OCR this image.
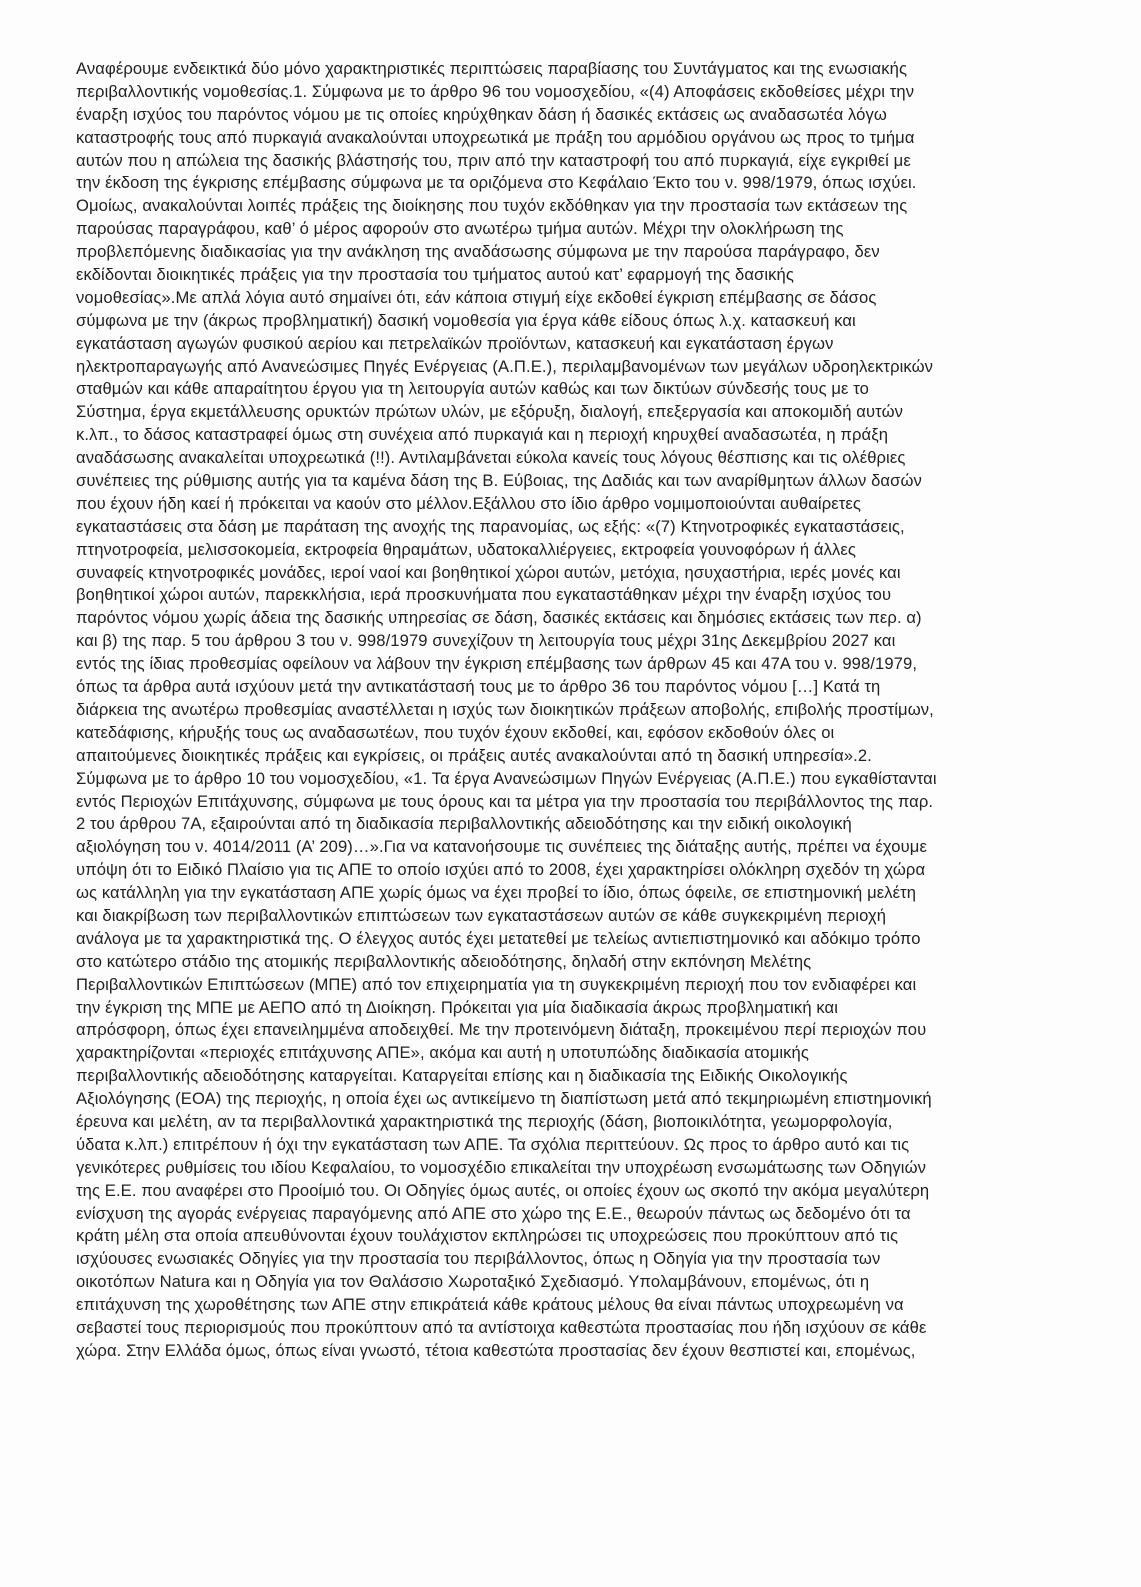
Αναφέρουμε ενδεικτικά δύο μόνο χαρακτηριστικές περιπτώσεις παραβίασης του Συντάγματος και της ενωσιακής
περιβαλλοντικής νομοθεσίας.1. Σύμφωνα με το άρθρο 96 του νομοσχεδίου, «(4) Αποφάσεις εκδοθείσες μέχρι την
έναρξη ισχύος του παρόντος νόμου με τις οποίες κηρύχθηκαν δάση ή δασικές εκτάσεις ως αναδασωτέα λόγω
καταστροφής τους από πυρκαγιά ανακαλούνται υποχρεωτικά με πράξη του αρμόδιου οργάνου ως προς το τμήμα
αυτών που η απώλεια της δασικής βλάστησής του, πριν από την καταστροφή του από πυρκαγιά, είχε εγκριθεί με
την έκδοση της έγκρισης επέμβασης σύμφωνα με τα οριζόμενα στο Κεφάλαιο Έκτο του ν. 998/1979, όπως ισχύει.
Ομοίως, ανακαλούνται λοιπές πράξεις της διοίκησης που τυχόν εκδόθηκαν για την προστασία των εκτάσεων της
παρούσας παραγράφου, καθ’ ό μέρος αφορούν στο ανωτέρω τμήμα αυτών. Μέχρι την ολοκλήρωση της
προβλεπόμενης διαδικασίας για την ανάκληση της αναδάσωσης σύμφωνα με την παρούσα παράγραφο, δεν
εκδίδονται διοικητικές πράξεις για την προστασία του τμήματος αυτού κατ’ εφαρμογή της δασικής
νομοθεσίας».Με απλά λόγια αυτό σημαίνει ότι, εάν κάποια στιγμή είχε εκδοθεί έγκριση επέμβασης σε δάσος
σύμφωνα με την (άκρως προβληματική) δασική νομοθεσία για έργα κάθε είδους όπως λ.χ. κατασκευή και
εγκατάσταση αγωγών φυσικού αερίου και πετρελαϊκών προϊόντων, κατασκευή και εγκατάσταση έργων
ηλεκτροπαραγωγής από Ανανεώσιμες Πηγές Ενέργειας (Α.Π.Ε.), περιλαμβανομένων των μεγάλων υδροηλεκτρικών
σταθμών και κάθε απαραίτητου έργου για τη λειτουργία αυτών καθώς και των δικτύων σύνδεσής τους με το
Σύστημα, έργα εκμετάλλευσης ορυκτών πρώτων υλών, με εξόρυξη, διαλογή, επεξεργασία και αποκομιδή αυτών
κ.λπ., το δάσος καταστραφεί όμως στη συνέχεια από πυρκαγιά και η περιοχή κηρυχθεί αναδασωτέα, η πράξη
αναδάσωσης ανακαλείται υποχρεωτικά (!!). Αντιλαμβάνεται εύκολα κανείς τους λόγους θέσπισης και τις ολέθριες
συνέπειες της ρύθμισης αυτής για τα καμένα δάση της Β. Εύβοιας, της Δαδιάς και των αναρίθμητων άλλων δασών
που έχουν ήδη καεί ή πρόκειται να καούν στο μέλλον.Εξάλλου στο ίδιο άρθρο νομιμοποιούνται αυθαίρετες
εγκαταστάσεις στα δάση με παράταση της ανοχής της παρανομίας, ως εξής: «(7) Κτηνοτροφικές εγκαταστάσεις,
πτηνοτροφεία, μελισσοκομεία, εκτροφεία θηραμάτων, υδατοκαλλιέργειες, εκτροφεία γουνοφόρων ή άλλες
συναφείς κτηνοτροφικές μονάδες, ιεροί ναοί και βοηθητικοί χώροι αυτών, μετόχια, ησυχαστήρια, ιερές μονές και
βοηθητικοί χώροι αυτών, παρεκκλήσια, ιερά προσκυνήματα που εγκαταστάθηκαν μέχρι την έναρξη ισχύος του
παρόντος νόμου χωρίς άδεια της δασικής υπηρεσίας σε δάση, δασικές εκτάσεις και δημόσιες εκτάσεις των περ. α)
και β) της παρ. 5 του άρθρου 3 του ν. 998/1979 συνεχίζουν τη λειτουργία τους μέχρι 31ης Δεκεμβρίου 2027 και
εντός της ίδιας προθεσμίας οφείλουν να λάβουν την έγκριση επέμβασης των άρθρων 45 και 47Α του ν. 998/1979,
όπως τα άρθρα αυτά ισχύουν μετά την αντικατάστασή τους με το άρθρο 36 του παρόντος νόμου […] Κατά τη
διάρκεια της ανωτέρω προθεσμίας αναστέλλεται η ισχύς των διοικητικών πράξεων αποβολής, επιβολής προστίμων,
κατεδάφισης, κήρυξής τους ως αναδασωτέων, που τυχόν έχουν εκδοθεί, και, εφόσον εκδοθούν όλες οι
απαιτούμενες διοικητικές πράξεις και εγκρίσεις, οι πράξεις αυτές ανακαλούνται από τη δασική υπηρεσία».2.
Σύμφωνα με το άρθρο 10 του νομοσχεδίου, «1. Τα έργα Ανανεώσιμων Πηγών Ενέργειας (Α.Π.Ε.) που εγκαθίστανται
εντός Περιοχών Επιτάχυνσης, σύμφωνα με τους όρους και τα μέτρα για την προστασία του περιβάλλοντος της παρ.
2 του άρθρου 7Α, εξαιρούνται από τη διαδικασία περιβαλλοντικής αδειοδότησης και την ειδική οικολογική
αξιολόγηση του ν. 4014/2011 (Α’ 209)…».Για να κατανοήσουμε τις συνέπειες της διάταξης αυτής, πρέπει να έχουμε
υπόψη ότι το Ειδικό Πλαίσιο για τις ΑΠΕ το οποίο ισχύει από το 2008, έχει χαρακτηρίσει ολόκληρη σχεδόν τη χώρα
ως κατάλληλη για την εγκατάσταση ΑΠΕ χωρίς όμως να έχει προβεί το ίδιο, όπως όφειλε, σε επιστημονική μελέτη
και διακρίβωση των περιβαλλοντικών επιπτώσεων των εγκαταστάσεων αυτών σε κάθε συγκεκριμένη περιοχή
ανάλογα με τα χαρακτηριστικά της. Ο έλεγχος αυτός έχει μετατεθεί με τελείως αντιεπιστημονικό και αδόκιμο τρόπο
στο κατώτερο στάδιο της ατομικής περιβαλλοντικής αδειοδότησης, δηλαδή στην εκπόνηση Μελέτης
Περιβαλλοντικών Επιπτώσεων (ΜΠΕ) από τον επιχειρηματία για τη συγκεκριμένη περιοχή που τον ενδιαφέρει και
την έγκριση της ΜΠΕ με ΑΕΠΟ από τη Διοίκηση. Πρόκειται για μία διαδικασία άκρως προβληματική και
απρόσφορη, όπως έχει επανειλημμένα αποδειχθεί. Με την προτεινόμενη διάταξη, προκειμένου περί περιοχών που
χαρακτηρίζονται «περιοχές επιτάχυνσης ΑΠΕ», ακόμα και αυτή η υποτυπώδης διαδικασία ατομικής
περιβαλλοντικής αδειοδότησης καταργείται. Καταργείται επίσης και η διαδικασία της Ειδικής Οικολογικής
Αξιολόγησης (ΕΟΑ) της περιοχής, η οποία έχει ως αντικείμενο τη διαπίστωση μετά από τεκμηριωμένη επιστημονική
έρευνα και μελέτη, αν τα περιβαλλοντικά χαρακτηριστικά της περιοχής (δάση, βιοποικιλότητα, γεωμορφολογία,
ύδατα κ.λπ.) επιτρέπουν ή όχι την εγκατάσταση των ΑΠΕ. Τα σχόλια περιττεύουν. Ως προς το άρθρο αυτό και τις
γενικότερες ρυθμίσεις του ιδίου Κεφαλαίου, το νομοσχέδιο επικαλείται την υποχρέωση ενσωμάτωσης των Οδηγιών
της Ε.Ε. που αναφέρει στο Προοίμιό του. Οι Οδηγίες όμως αυτές, οι οποίες έχουν ως σκοπό την ακόμα μεγαλύτερη
ενίσχυση της αγοράς ενέργειας παραγόμενης από ΑΠΕ στο χώρο της Ε.Ε., θεωρούν πάντως ως δεδομένο ότι τα
κράτη μέλη στα οποία απευθύνονται έχουν τουλάχιστον εκπληρώσει τις υποχρεώσεις που προκύπτουν από τις
ισχύουσες ενωσιακές Οδηγίες για την προστασία του περιβάλλοντος, όπως η Οδηγία για την προστασία των
οικοτόπων Natura και η Οδηγία για τον Θαλάσσιο Χωροταξικό Σχεδιασμό. Υπολαμβάνουν, επομένως, ότι η
επιτάχυνση της χωροθέτησης των ΑΠΕ στην επικράτειά κάθε κράτους μέλους θα είναι πάντως υποχρεωμένη να
σεβαστεί τους περιορισμούς που προκύπτουν από τα αντίστοιχα καθεστώτα προστασίας που ήδη ισχύουν σε κάθε
χώρα. Στην Ελλάδα όμως, όπως είναι γνωστό, τέτοια καθεστώτα προστασίας δεν έχουν θεσπιστεί και, επομένως,
